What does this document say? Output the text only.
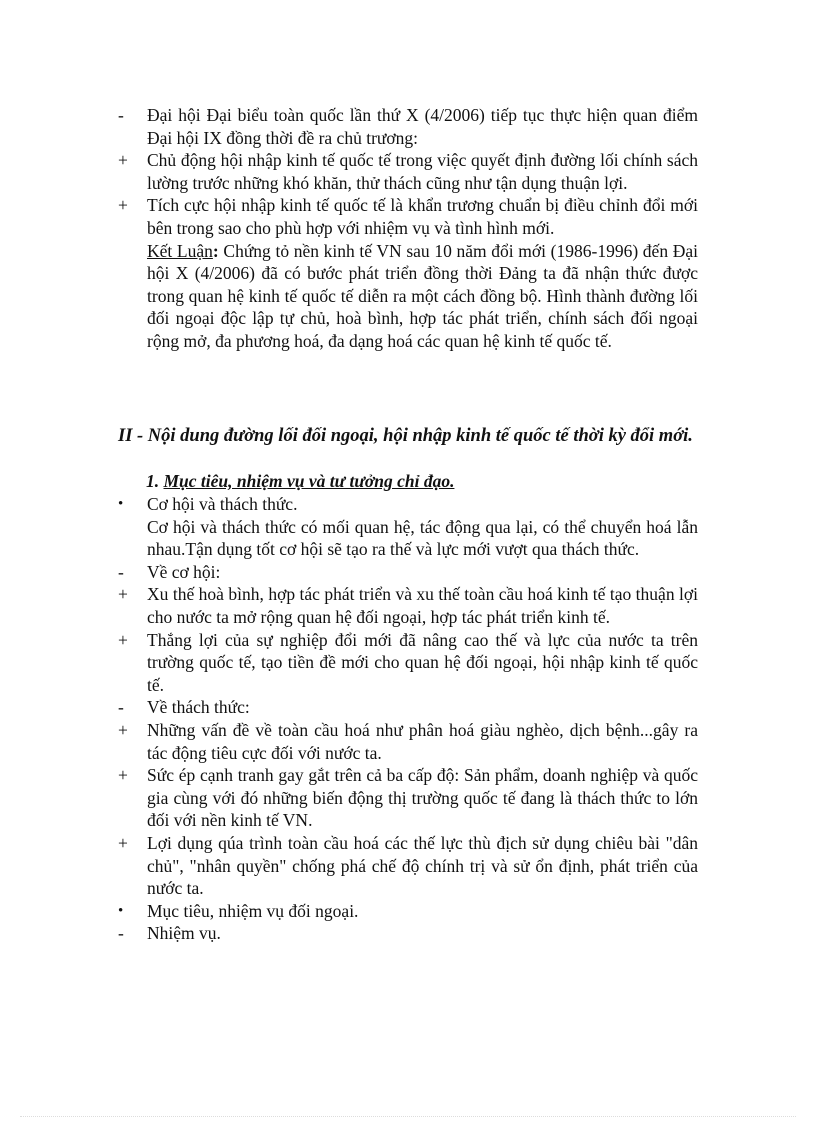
-	Đại hội Đại biểu toàn quốc lần thứ X (4/2006) tiếp tục thực hiện quan điểm Đại hội IX đồng thời đề ra chủ trương:
+	Chủ động hội nhập kinh tế quốc tế trong việc quyết định đường lối chính sách lường trước những khó khăn, thử thách cũng như tận dụng thuận lợi.
+	Tích cực hội nhập kinh tế quốc tế là khẩn trương chuẩn bị điều chỉnh đổi mới bên trong sao cho phù hợp với nhiệm vụ và tình hình mới.
Kết Luận: Chứng tỏ nền kinh tế VN sau 10 năm đổi mới (1986-1996) đến Đại hội X (4/2006) đã có bước phát triển đồng thời Đảng ta đã nhận thức được trong quan hệ kinh tế quốc tế diễn ra một cách đồng bộ. Hình thành đường lối đối ngoại độc lập tự chủ, hoà bình, hợp tác phát triển, chính sách đối ngoại rộng mở, đa phương hoá, đa dạng hoá các quan hệ kinh tế quốc tế.
II - Nội dung đường lối đối ngoại, hội nhập kinh tế quốc tế thời kỳ đổi mới.
1. Mục tiêu, nhiệm vụ và tư tưởng chỉ đạo.
•	Cơ hội và thách thức.
Cơ hội và thách thức có mối quan hệ, tác động qua lại, có thể chuyển hoá lẫn nhau.Tận dụng tốt cơ hội sẽ tạo ra thế và lực mới vượt qua thách thức.
-	Về cơ hội:
+	Xu thế hoà bình, hợp tác phát triển và xu thế toàn cầu hoá kinh tế tạo thuận lợi cho nước ta mở rộng quan hệ đối ngoại, hợp tác phát triển kinh tế.
+	Thắng lợi của sự nghiệp đổi mới đã nâng cao thế và lực của nước ta trên trường quốc tế, tạo tiền đề mới cho quan hệ đối ngoại, hội nhập kinh tế quốc tế.
-	Về thách thức:
+	Những vấn đề về toàn cầu hoá như phân hoá giàu nghèo, dịch bệnh...gây ra tác động tiêu cực đối với nước ta.
+	Sức ép cạnh tranh gay gắt trên cả ba cấp độ: Sản phẩm, doanh nghiệp và quốc gia cùng với đó những biến động thị trường quốc tế đang là thách thức to lớn đối với nền kinh tế VN.
+	Lợi dụng qúa trình toàn cầu hoá các thế lực thù địch sử dụng chiêu bài "dân chủ", "nhân quyền" chống phá chế độ chính trị và sử ổn định, phát triển của nước ta.
•	Mục tiêu, nhiệm vụ đối ngoại.
-	Nhiệm vụ.
